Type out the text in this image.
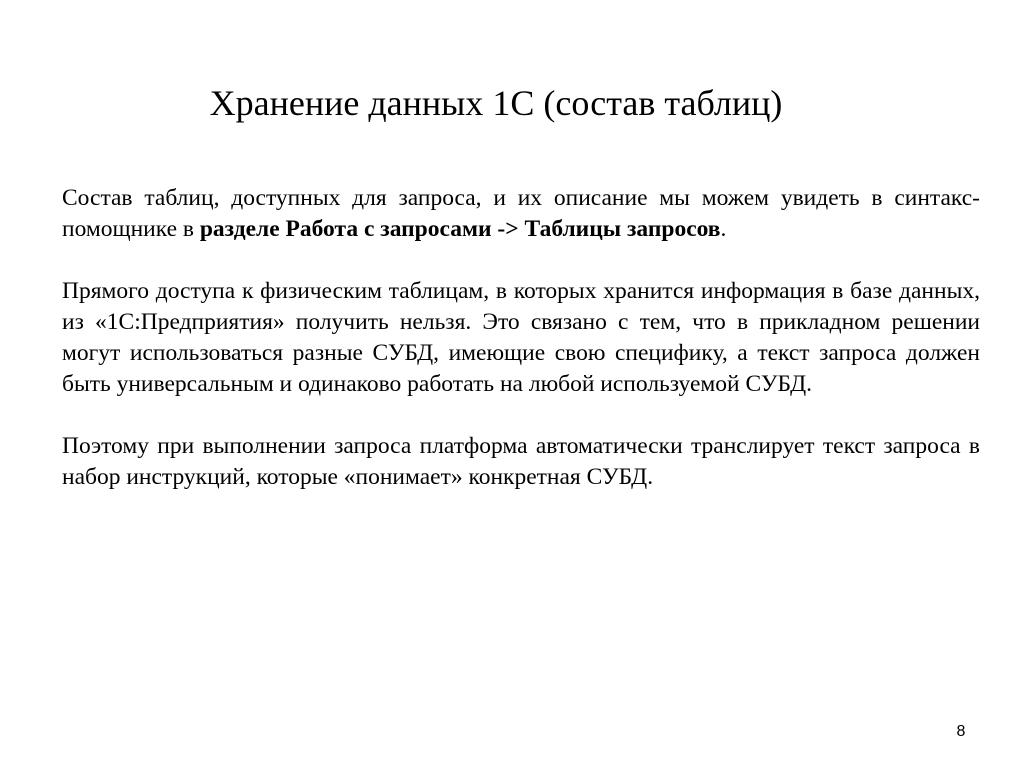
Хранение данных 1С (состав таблиц)

Состав таблиц, доступных для запроса, и их описание мы можем увидеть в синтакс-помощнике в разделе Работа с запросами -> Таблицы запросов.

Прямого доступа к физическим таблицам, в которых хранится информация в базе данных, из «1С:Предприятия» получить нельзя. Это связано с тем, что в прикладном решении могут использоваться разные СУБД, имеющие свою специфику, а текст запроса должен быть универсальным и одинаково работать на любой используемой СУБД.

Поэтому при выполнении запроса платформа автоматически транслирует текст запроса в набор инструкций, которые «понимает» конкретная СУБД.

8
